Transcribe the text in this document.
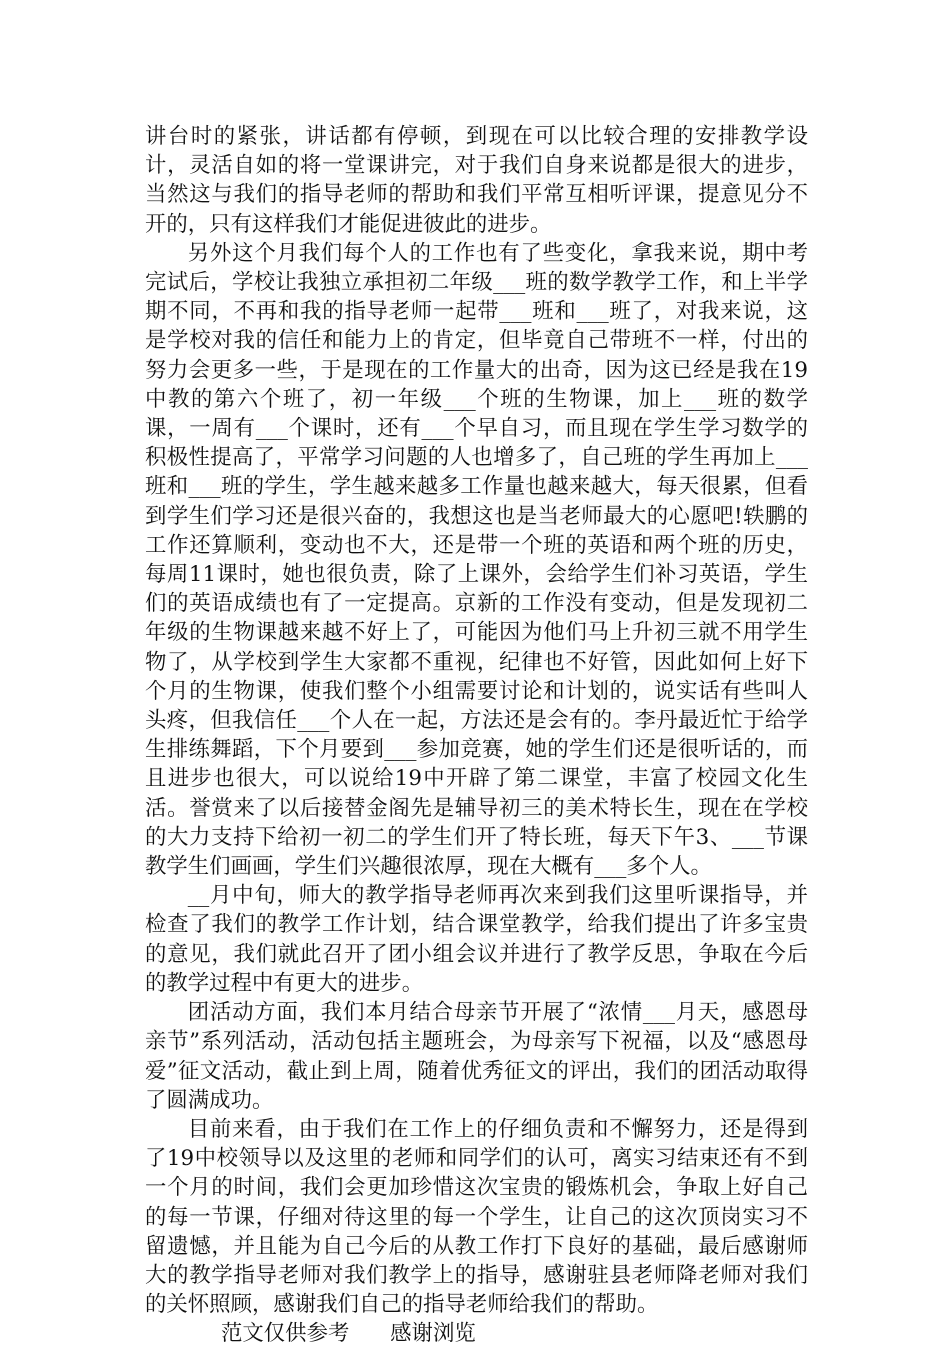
讲台时的紧张，讲话都有停顿，到现在可以比较合理的安排教学设计，灵活自如的将一堂课讲完，对于我们自身来说都是很大的进步，当然这与我们的指导老师的帮助和我们平常互相听评课，提意见分不开的，只有这样我们才能促进彼此的进步。

另外这个月我们每个人的工作也有了些变化，拿我来说，期中考完试后，学校让我独立承担初二年级___班的数学教学工作，和上半学期不同，不再和我的指导老师一起带___班和___班了，对我来说，这是学校对我的信任和能力上的肯定，但毕竟自己带班不一样，付出的努力会更多一些，于是现在的工作量大的出奇，因为这已经是我在19中教的第六个班了，初一年级___个班的生物课，加上___班的数学课，一周有___个课时，还有___个早自习，而且现在学生学习数学的积极性提高了，平常学习问题的人也增多了，自己班的学生再加上___班和___班的学生，学生越来越多工作量也越来越大，每天很累，但看到学生们学习还是很兴奋的，我想这也是当老师最大的心愿吧!轶鹏的工作还算顺利，变动也不大，还是带一个班的英语和两个班的历史，每周11课时，她也很负责，除了上课外，会给学生们补习英语，学生们的英语成绩也有了一定提高。京新的工作没有变动，但是发现初二年级的生物课越来越不好上了，可能因为他们马上升初三就不用学生物了，从学校到学生大家都不重视，纪律也不好管，因此如何上好下个月的生物课，使我们整个小组需要讨论和计划的，说实话有些叫人头疼，但我信任___个人在一起，方法还是会有的。李丹最近忙于给学生排练舞蹈，下个月要到___参加竞赛，她的学生们还是很听话的，而且进步也很大，可以说给19中开辟了第二课堂，丰富了校园文化生活。誉赏来了以后接替金阁先是辅导初三的美术特长生，现在在学校的大力支持下给初一初二的学生们开了特长班，每天下午3、___节课教学生们画画，学生们兴趣很浓厚，现在大概有___多个人。

__月中旬，师大的教学指导老师再次来到我们这里听课指导，并检查了我们的教学工作计划，结合课堂教学，给我们提出了许多宝贵的意见，我们就此召开了团小组会议并进行了教学反思，争取在今后的教学过程中有更大的进步。

团活动方面，我们本月结合母亲节开展了“浓情___月天，感恩母亲节”系列活动，活动包括主题班会，为母亲写下祝福，以及“感恩母爱”征文活动，截止到上周，随着优秀征文的评出，我们的团活动取得了圆满成功。

目前来看，由于我们在工作上的仔细负责和不懈努力，还是得到了19中校领导以及这里的老师和同学们的认可，离实习结束还有不到一个月的时间，我们会更加珍惜这次宝贵的锻炼机会，争取上好自己的每一节课，仔细对待这里的每一个学生，让自己的这次顶岗实习不留遗憾，并且能为自己今后的从教工作打下良好的基础，最后感谢师大的教学指导老师对我们教学上的指导，感谢驻县老师降老师对我们的关怀照顾，感谢我们自己的指导老师给我们的帮助。

范文仅供参考 感谢浏览
